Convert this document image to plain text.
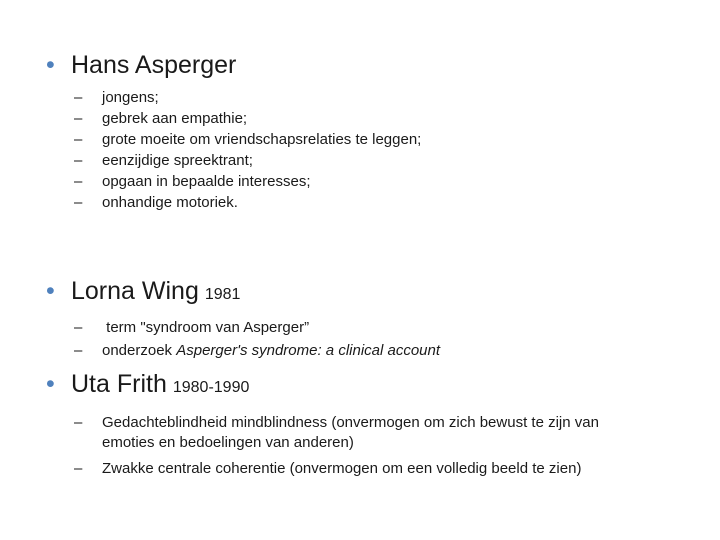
• Hans Asperger
–	jongens;
–	gebrek aan empathie;
–	grote moeite om vriendschapsrelaties te leggen;
–	eenzijdige spreektrant;
–	opgaan in bepaalde interesses;
–	onhandige motoriek.
• Lorna Wing 1981
–	term "syndroom van Asperger”
–	onderzoek Asperger's syndrome: a clinical account
• Uta Frith 1980-1990
–	Gedachteblindheid mindblindness (onvermogen om zich bewust te zijn van emoties en bedoelingen van anderen)
–	Zwakke centrale coherentie (onvermogen om een volledig beeld te zien)
